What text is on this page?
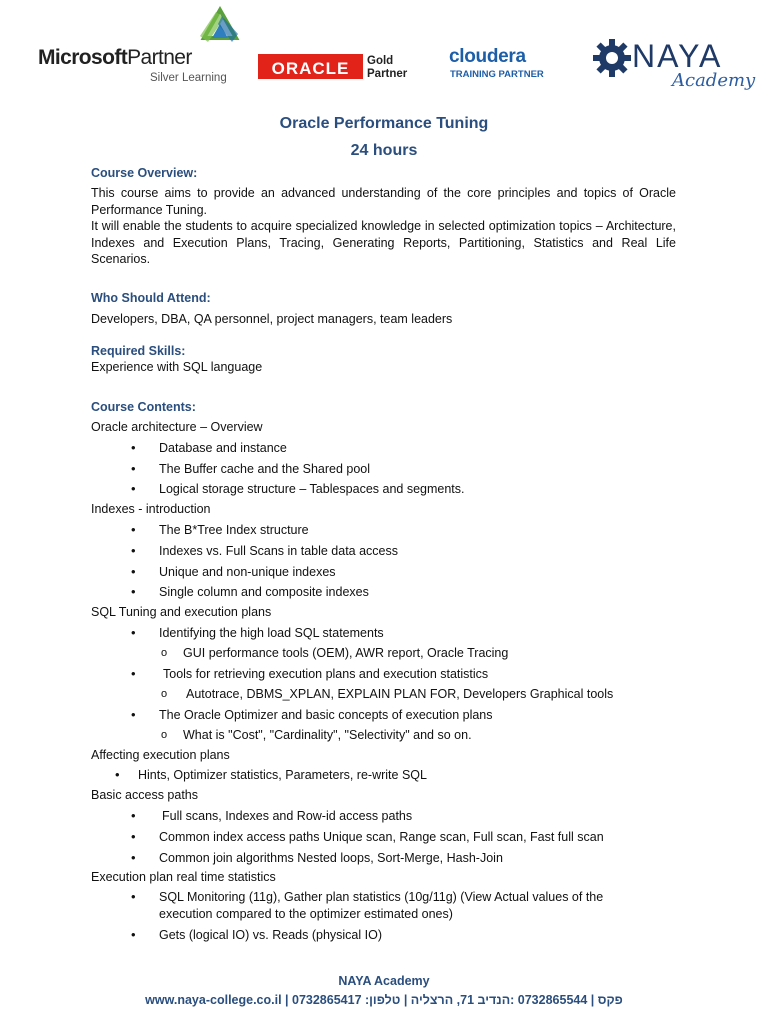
MicrosoftPartner
Silver Learning	ORACLE	Gold
Partner
cloudera
TRAINING PARTNER
NAYA
Academy
Oracle Performance Tuning
24 hours
Course Overview:
This course aims to provide an advanced understanding of the core principles and topics of Oracle Performance Tuning.
It will enable the students to acquire specialized knowledge in selected optimization topics – Architecture, Indexes and Execution Plans, Tracing, Generating Reports, Partitioning, Statistics and Real Life Scenarios.
Who Should Attend:
Developers, DBA, QA personnel, project managers, team leaders
Required Skills:
Experience with SQL language
Course Contents:
Oracle architecture – Overview
• Database and instance
• The Buffer cache and the Shared pool
• Logical storage structure – Tablespaces and segments.
Indexes - introduction
• The B*Tree Index structure
• Indexes vs. Full Scans in table data access
• Unique and non-unique indexes
• Single column and composite indexes
SQL Tuning and execution plans
• Identifying the high load SQL statements
o GUI performance tools (OEM), AWR report, Oracle Tracing
• Tools for retrieving execution plans and execution statistics
o Autotrace, DBMS_XPLAN, EXPLAIN PLAN FOR, Developers Graphical tools
• The Oracle Optimizer and basic concepts of execution plans
o What is "Cost", "Cardinality", "Selectivity" and so on.
Affecting execution plans
• Hints, Optimizer statistics, Parameters, re-write SQL
Basic access paths
• Full scans, Indexes and Row-id access paths
• Common index access paths Unique scan, Range scan, Full scan, Fast full scan
• Common join algorithms Nested loops, Sort-Merge, Hash-Join
Execution plan real time statistics
• SQL Monitoring (11g), Gather plan statistics (10g/11g) (View Actual values of the
execution compared to the optimizer estimated ones)
• Gets (logical IO) vs. Reads (physical IO)
NAYA Academy
www.naya-college.co.il | 0732865417 :פקס | 0732865544 :הנדיב 71, הרצליה | טלפון
